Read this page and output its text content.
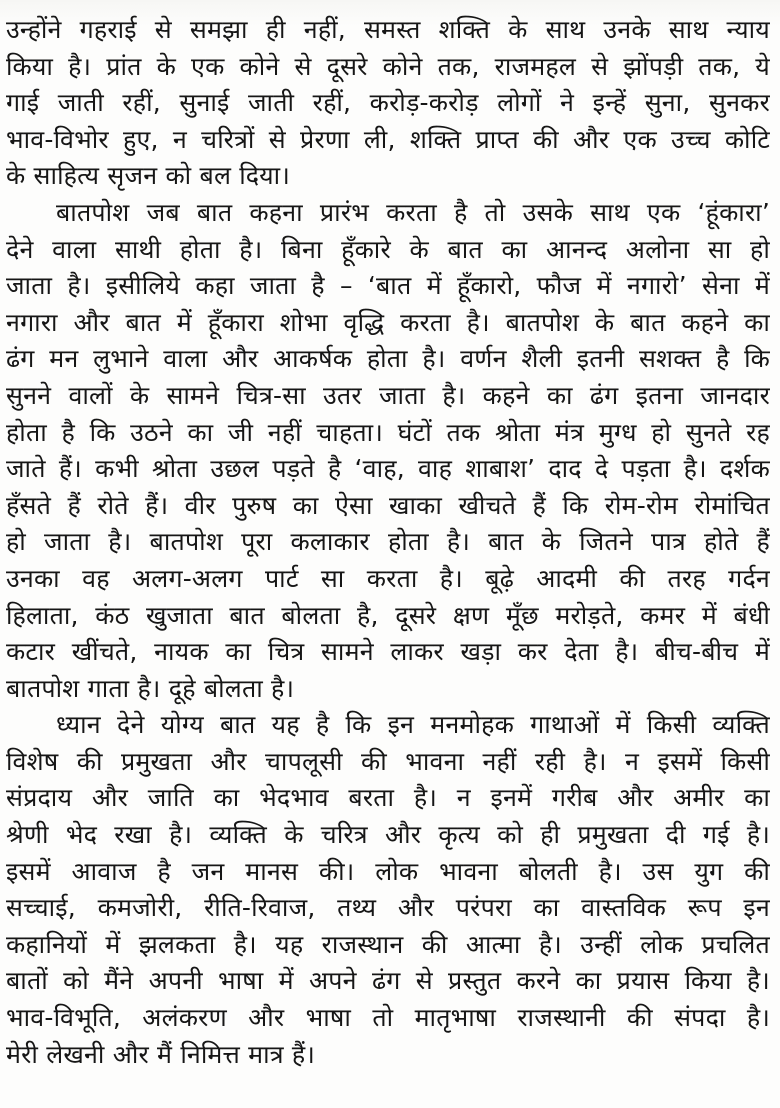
उन्होंने गहराई से समझा ही नहीं, समस्त शक्ति के साथ उनके साथ न्याय
किया है। प्रांत के एक कोने से दूसरे कोने तक, राजमहल से झोंपड़ी तक, ये
गाई जाती रहीं, सुनाई जाती रहीं, करोड़-करोड़ लोगों ने इन्हें सुना, सुनकर
भाव-विभोर हुए, न चरित्रों से प्रेरणा ली, शक्ति प्राप्त की और एक उच्च कोटि
के साहित्य सृजन को बल दिया।
बातपोश जब बात कहना प्रारंभ करता है तो उसके साथ एक ‘हूंकारा’
देने वाला साथी होता है। बिना हूँकारे के बात का आनन्द अलोना सा हो
जाता है। इसीलिये कहा जाता है – ‘बात में हूँकारो, फौज में नगारो’ सेना में
नगारा और बात में हूँकारा शोभा वृद्धि करता है। बातपोश के बात कहने का
ढंग मन लुभाने वाला और आकर्षक होता है। वर्णन शैली इतनी सशक्त है कि
सुनने वालों के सामने चित्र-सा उतर जाता है। कहने का ढंग इतना जानदार
होता है कि उठने का जी नहीं चाहता। घंटों तक श्रोता मंत्र मुग्ध हो सुनते रह
जाते हैं। कभी श्रोता उछल पड़ते है ‘वाह, वाह शाबाश’ दाद दे पड़ता है। दर्शक
हँसते हैं रोते हैं। वीर पुरुष का ऐसा खाका खीचते हैं कि रोम-रोम रोमांचित
हो जाता है। बातपोश पूरा कलाकार होता है। बात के जितने पात्र होते हैं
उनका वह अलग-अलग पार्ट सा करता है। बूढ़े आदमी की तरह गर्दन
हिलाता, कंठ खुजाता बात बोलता है, दूसरे क्षण मूँछ मरोड़ते, कमर में बंधी
कटार खींचते, नायक का चित्र सामने लाकर खड़ा कर देता है। बीच-बीच में
बातपोश गाता है। दूहे बोलता है।
ध्यान देने योग्य बात यह है कि इन मनमोहक गाथाओं में किसी व्यक्ति
विशेष की प्रमुखता और चापलूसी की भावना नहीं रही है। न इसमें किसी
संप्रदाय और जाति का भेदभाव बरता है। न इनमें गरीब और अमीर का
श्रेणी भेद रखा है। व्यक्ति के चरित्र और कृत्य को ही प्रमुखता दी गई है।
इसमें आवाज है जन मानस की। लोक भावना बोलती है। उस युग की
सच्चाई, कमजोरी, रीति-रिवाज, तथ्य और परंपरा का वास्तविक रूप इन
कहानियों में झलकता है। यह राजस्थान की आत्मा है। उन्हीं लोक प्रचलित
बातों को मैंने अपनी भाषा में अपने ढंग से प्रस्तुत करने का प्रयास किया है।
भाव-विभूति, अलंकरण और भाषा तो मातृभाषा राजस्थानी की संपदा है।
मेरी लेखनी और मैं निमित्त मात्र हैं।
